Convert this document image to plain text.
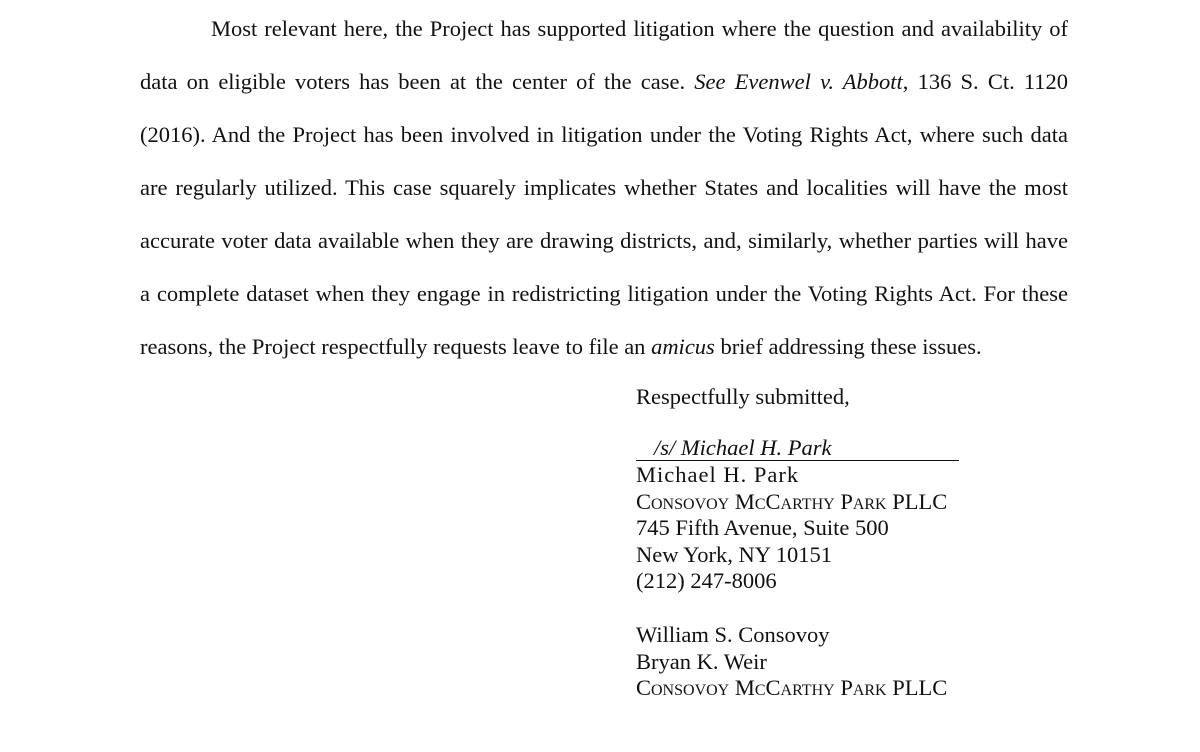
Most relevant here, the Project has supported litigation where the question and availability of data on eligible voters has been at the center of the case. See Evenwel v. Abbott, 136 S. Ct. 1120 (2016). And the Project has been involved in litigation under the Voting Rights Act, where such data are regularly utilized. This case squarely implicates whether States and localities will have the most accurate voter data available when they are drawing districts, and, similarly, whether parties will have a complete dataset when they engage in redistricting litigation under the Voting Rights Act. For these reasons, the Project respectfully requests leave to file an amicus brief addressing these issues.
Respectfully submitted,
/s/ Michael H. Park
Michael H. Park
Consovoy McCarthy Park PLLC
745 Fifth Avenue, Suite 500
New York, NY 10151
(212) 247-8006
William S. Consovoy
Bryan K. Weir
Consovoy McCarthy Park PLLC
